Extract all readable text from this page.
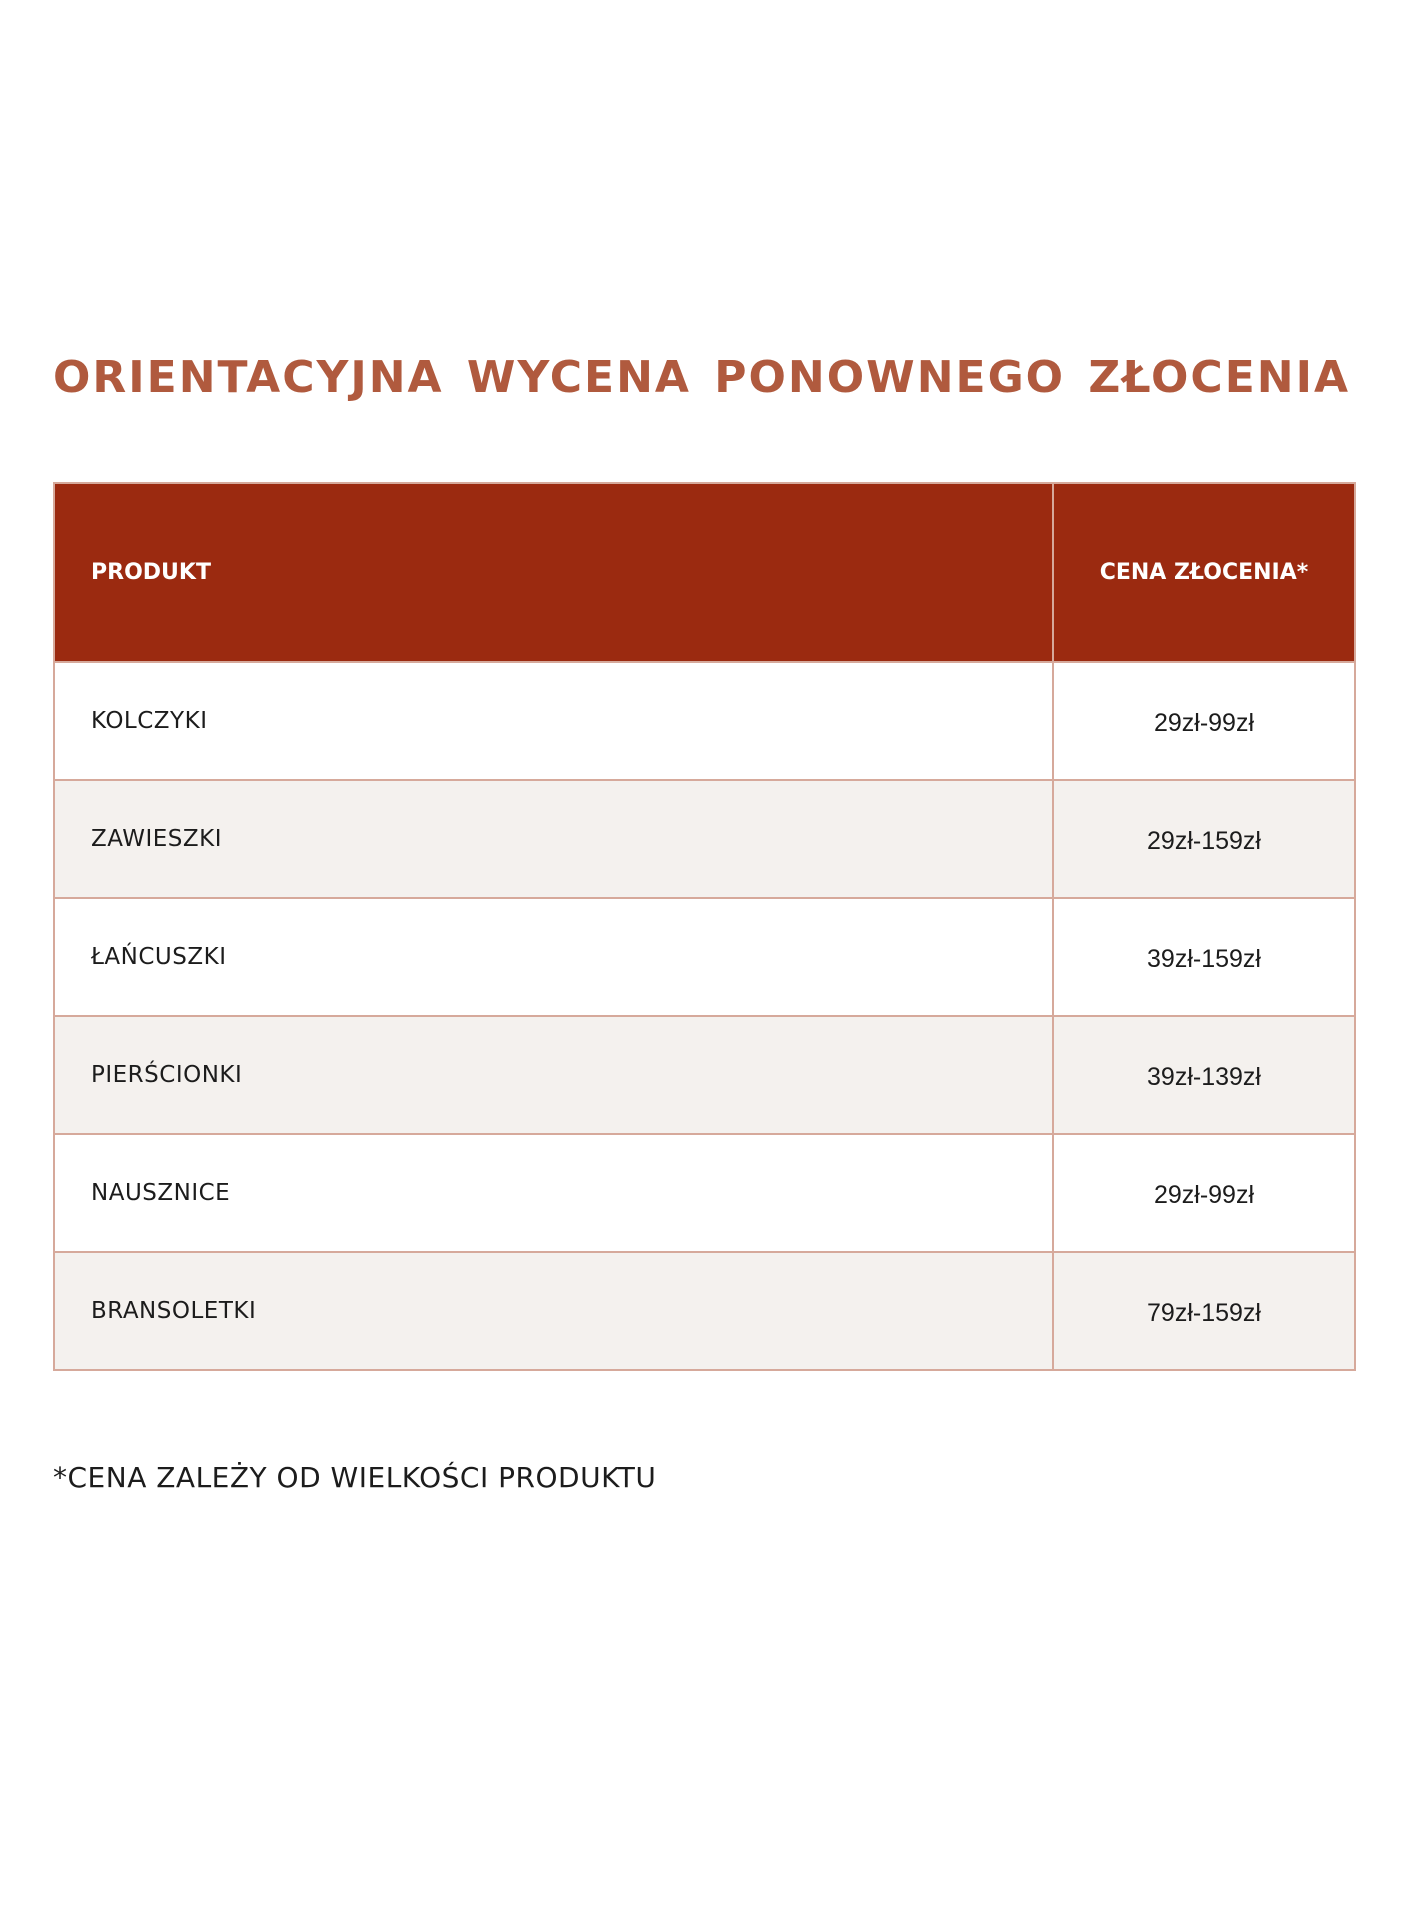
ORIENTACYJNA WYCENA PONOWNEGO ZŁOCENIA
PRODUKT	CENA ZŁOCENIA*
KOLCZYKI	29zł-99zł
ZAWIESZKI	29zł-159zł
ŁAŃCUSZKI	39zł-159zł
PIERŚCIONKI	39zł-139zł
NAUSZNICE	29zł-99zł
BRANSOLETKI	79zł-159zł

*CENA ZALEŻY OD WIELKOŚCI PRODUKTU
